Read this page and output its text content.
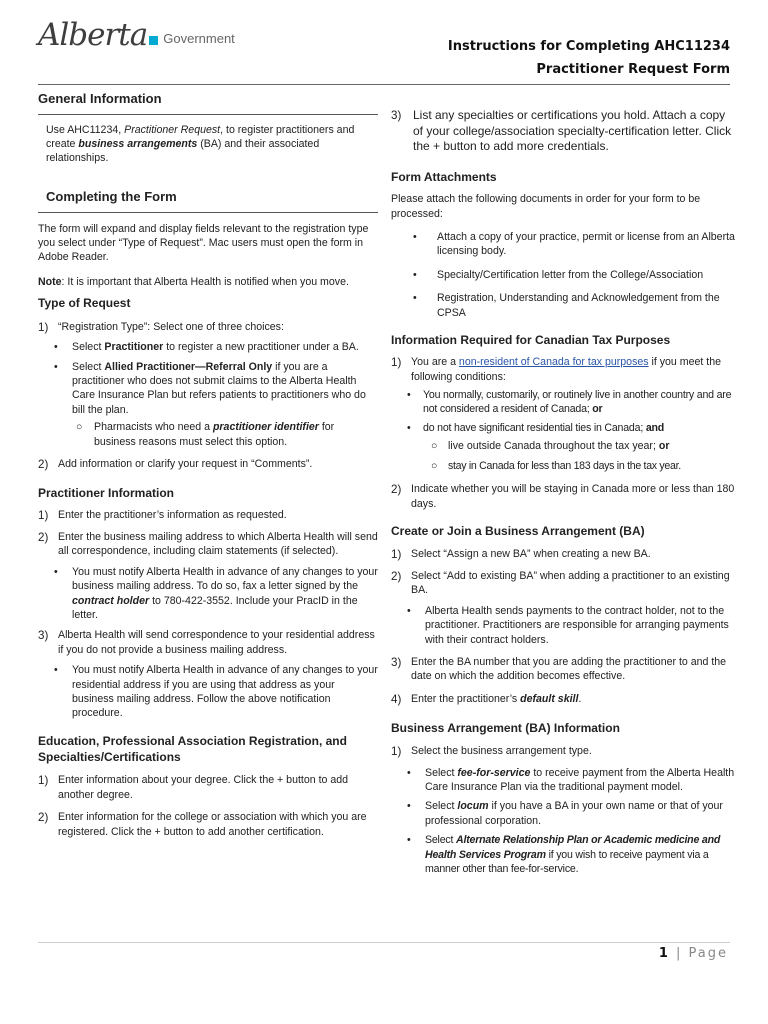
Alberta Government
Instructions for Completing AHC11234
Practitioner Request Form
General Information

Use AHC11234, Practitioner Request, to register practitioners and create business arrangements (BA) and their associated relationships.

Completing the Form

The form will expand and display fields relevant to the registration type you select under “Type of Request”. Mac users must open the form in Adobe Reader.

Note: It is important that Alberta Health is notified when you move.

Type of Request
1) “Registration Type”: Select one of three choices:
•	Select Practitioner to register a new practitioner under a BA.
•	Select Allied Practitioner—Referral Only if you are a practitioner who does not submit claims to the Alberta Health Care Insurance Plan but refers patients to practitioners who do bill the plan.
○	Pharmacists who need a practitioner identifier for business reasons must select this option.
2) Add information or clarify your request in “Comments”.
Practitioner Information
1) Enter the practitioner’s information as requested.
2) Enter the business mailing address to which Alberta Health will send all correspondence, including claim statements (if selected).
•	You must notify Alberta Health in advance of any changes to your business mailing address. To do so, fax a letter signed by the contract holder to 780-422-3552. Include your PracID in the letter.
3) Alberta Health will send correspondence to your residential address if you do not provide a business mailing address.
•	You must notify Alberta Health in advance of any changes to your residential address if you are using that address as your business mailing address. Follow the above notification procedure.
Education, Professional Association Registration, and Specialties/Certifications
1) Enter information about your degree. Click the + button to add another degree.
2) Enter information for the college or association with which you are registered. Click the + button to add another certification.
3) List any specialties or certifications you hold. Attach a copy of your college/association specialty-certification letter. Click the + button to add more credentials.
Form Attachments

Please attach the following documents in order for your form to be processed:

•	Attach a copy of your practice, permit or license from an Alberta licensing body.
•	Specialty/Certification letter from the College/Association
•	Registration, Understanding and Acknowledgement from the CPSA
Information Required for Canadian Tax Purposes
1) You are a non-resident of Canada for tax purposes if you meet the following conditions:
•	You normally, customarily, or routinely live in another country and are not considered a resident of Canada; or
•	do not have significant residential ties in Canada; and
○ live outside Canada throughout the tax year; or
○	stay in Canada for less than 183 days in the tax year.
2) Indicate whether you will be staying in Canada more or less than 180 days.
Create or Join a Business Arrangement (BA)
1) Select “Assign a new BA” when creating a new BA.
2) Select “Add to existing BA” when adding a practitioner to an existing BA.
•	Alberta Health sends payments to the contract holder, not to the practitioner. Practitioners are responsible for arranging payments with their contract holders.
3) Enter the BA number that you are adding the practitioner to and the date on which the addition becomes effective.
4) Enter the practitioner’s default skill.
Business Arrangement (BA) Information
1) Select the business arrangement type.
•	Select fee-for-service to receive payment from the Alberta Health Care Insurance Plan via the traditional payment model.
•	Select locum if you have a BA in your own name or that of your professional corporation.
•	Select Alternate Relationship Plan or Academic medicine and Health Services Program if you wish to receive payment via a manner other than fee-for-service.
1 | Page
